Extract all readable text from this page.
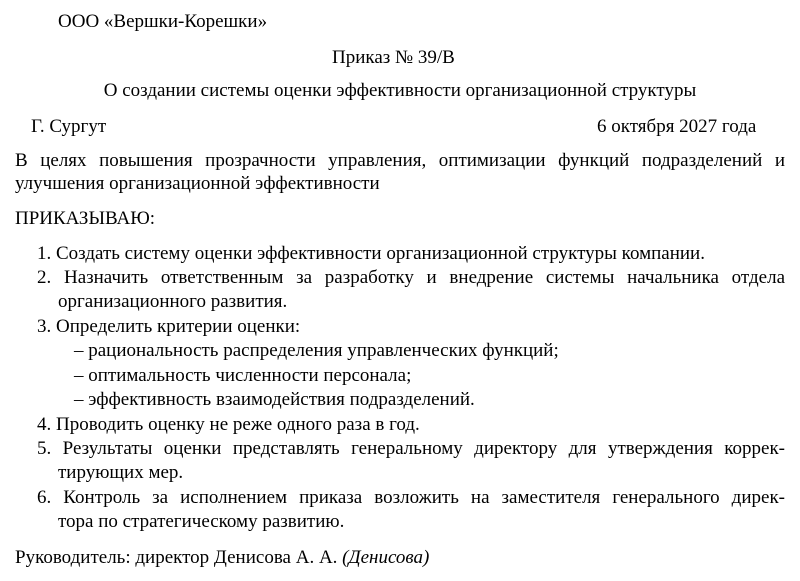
ООО «Вершки-Корешки»
Приказ № 39/В
О создании системы оценки эффективности организационной структуры
Г. Сургут	6 октября 2027 года
В целях повышения прозрачности управления, оптимизации функций подразделений и
улучшения организационной эффективности
ПРИКАЗЫВАЮ:
1. Создать систему оценки эффективности организационной структуры компании.
2. Назначить ответственным за разработку и внедрение системы начальника отдела
организационного развития.
3. Определить критерии оценки:
– рациональность распределения управленческих функций;
– оптимальность численности персонала;
– эффективность взаимодействия подразделений.
4. Проводить оценку не реже одного раза в год.
5. Результаты оценки представлять генеральному директору для утверждения коррек-
тирующих мер.
6. Контроль за исполнением приказа возложить на заместителя генерального дирек-
тора по стратегическому развитию.
Руководитель: директор Денисова А. А. (Денисова)
